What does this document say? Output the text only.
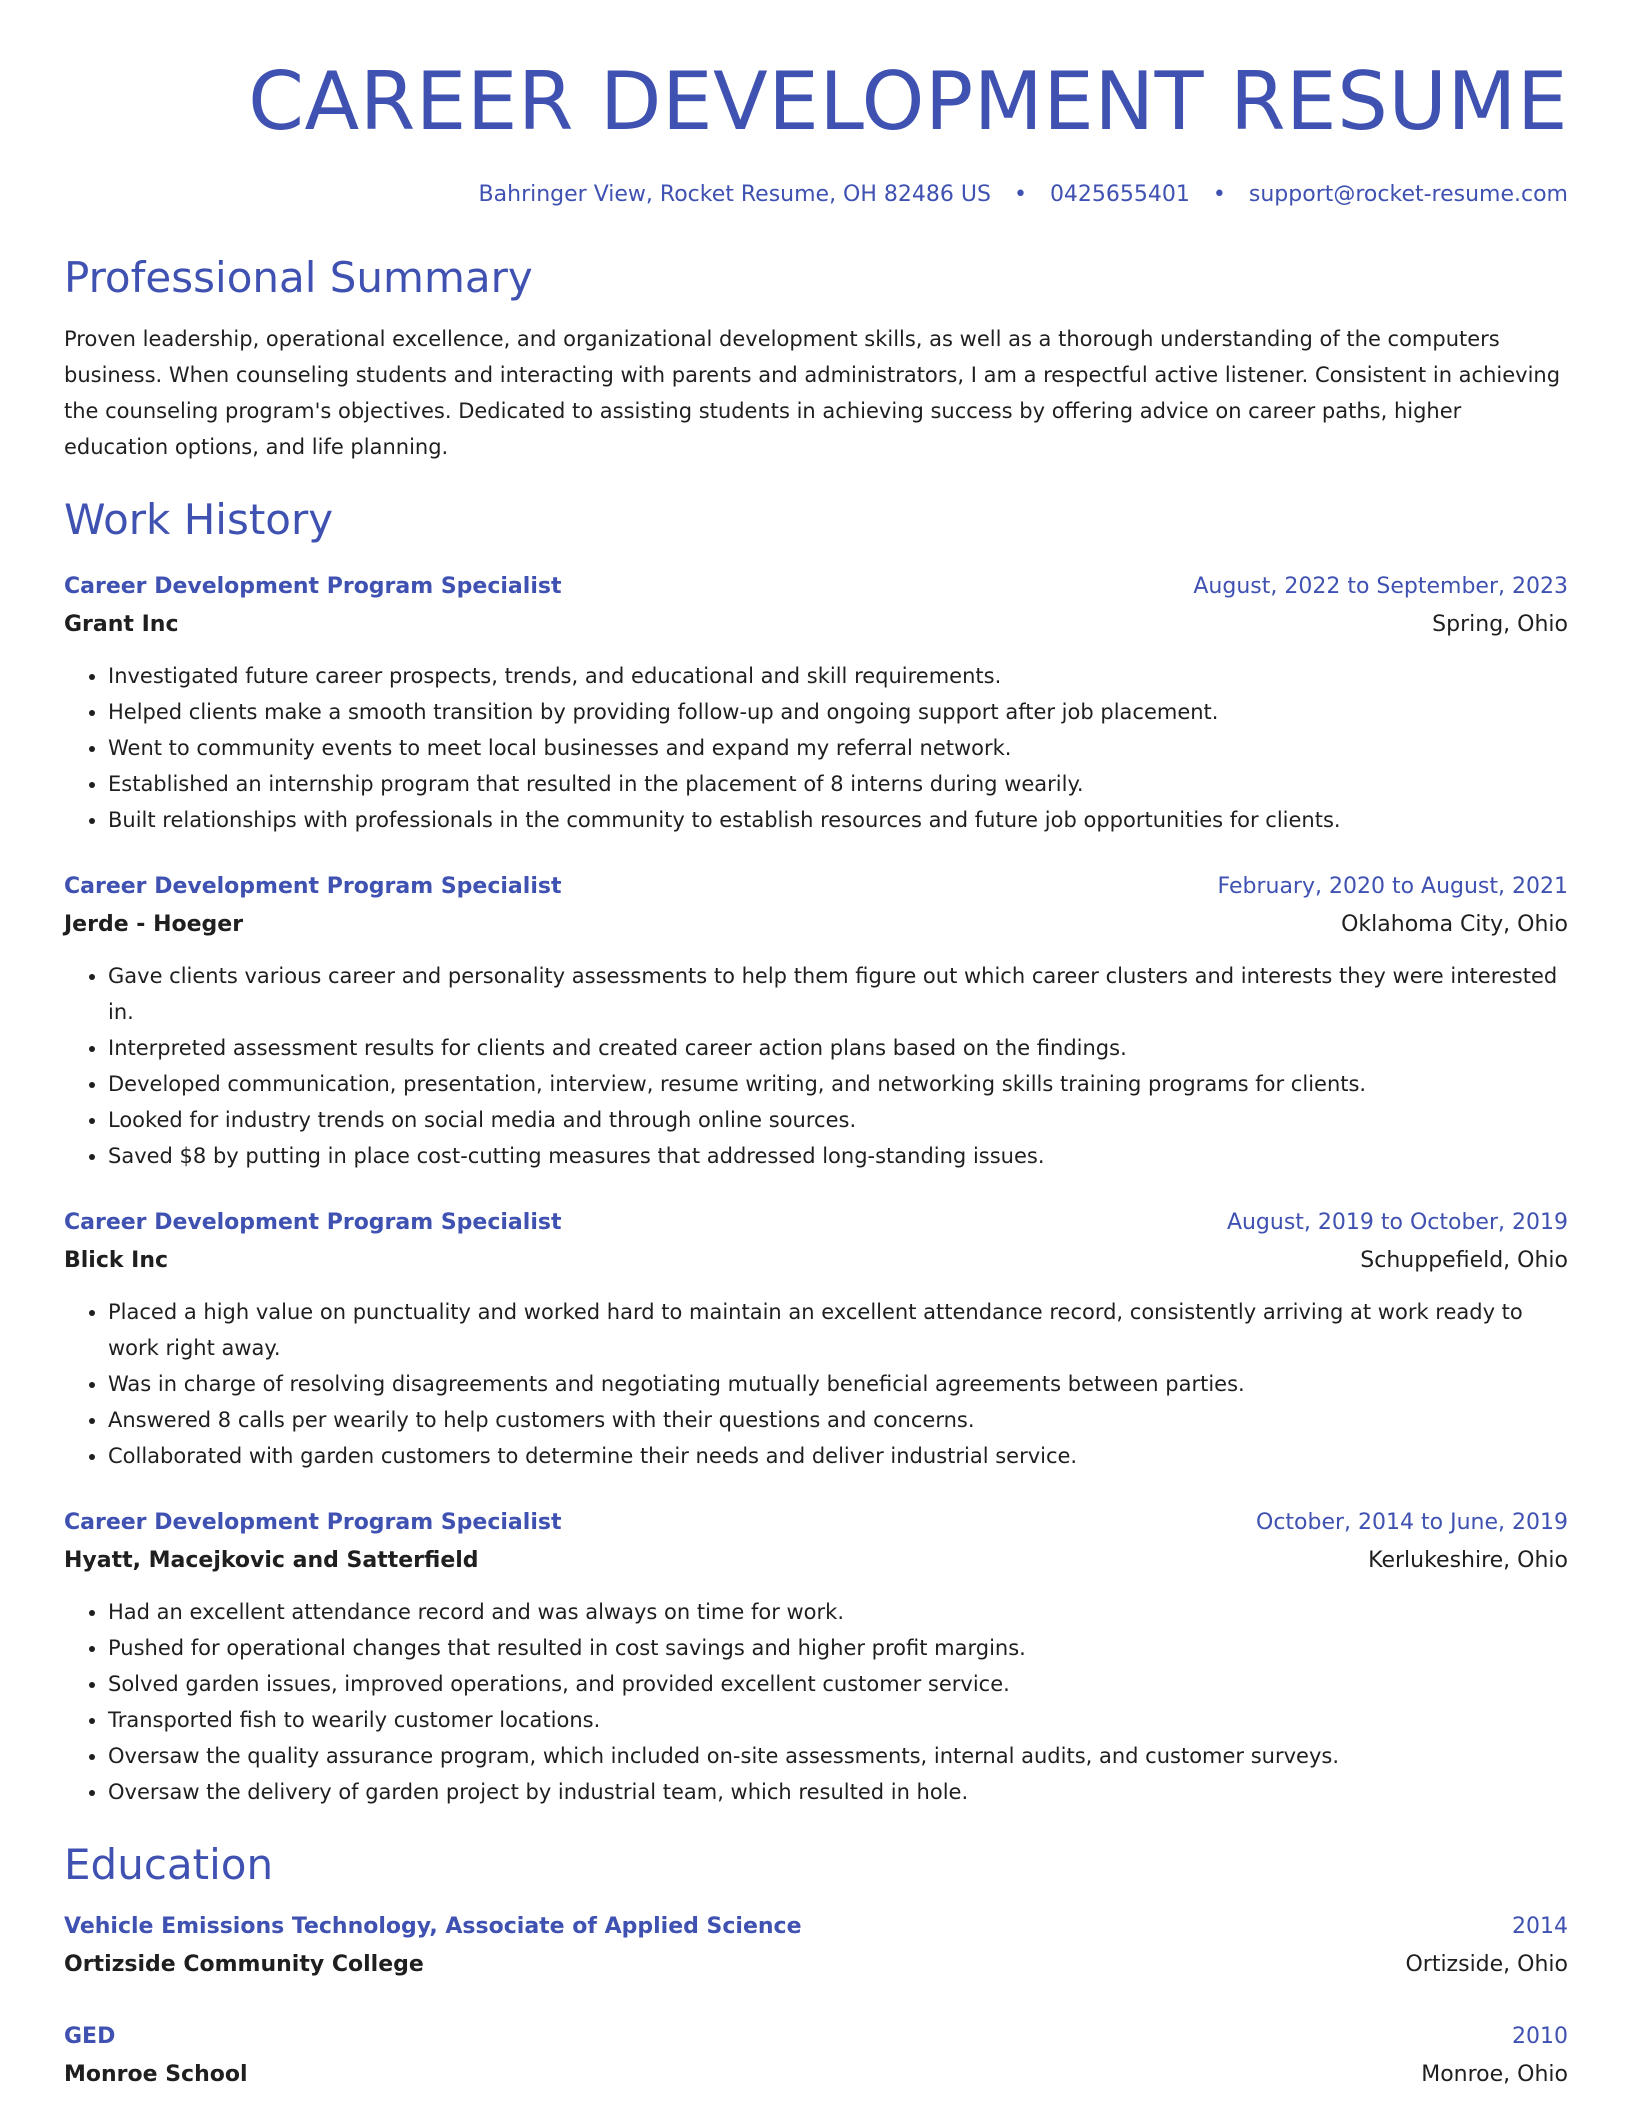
CAREER DEVELOPMENT RESUME
Bahringer View, Rocket Resume, OH 82486 US • 0425655401 • support@rocket-resume.com
Professional Summary
Proven leadership, operational excellence, and organizational development skills, as well as a thorough understanding of the computers business. When counseling students and interacting with parents and administrators, I am a respectful active listener. Consistent in achieving the counseling program's objectives. Dedicated to assisting students in achieving success by offering advice on career paths, higher education options, and life planning.
Work History
Career Development Program Specialist	August, 2022 to September, 2023
Grant Inc	Spring, Ohio
• Investigated future career prospects, trends, and educational and skill requirements.
• Helped clients make a smooth transition by providing follow-up and ongoing support after job placement.
• Went to community events to meet local businesses and expand my referral network.
• Established an internship program that resulted in the placement of 8 interns during wearily.
• Built relationships with professionals in the community to establish resources and future job opportunities for clients.
Career Development Program Specialist	February, 2020 to August, 2021
Jerde - Hoeger	Oklahoma City, Ohio
• Gave clients various career and personality assessments to help them figure out which career clusters and interests they were interested in.
• Interpreted assessment results for clients and created career action plans based on the findings.
• Developed communication, presentation, interview, resume writing, and networking skills training programs for clients.
• Looked for industry trends on social media and through online sources.
• Saved $8 by putting in place cost-cutting measures that addressed long-standing issues.
Career Development Program Specialist	August, 2019 to October, 2019
Blick Inc	Schuppefield, Ohio
• Placed a high value on punctuality and worked hard to maintain an excellent attendance record, consistently arriving at work ready to work right away.
• Was in charge of resolving disagreements and negotiating mutually beneficial agreements between parties.
• Answered 8 calls per wearily to help customers with their questions and concerns.
• Collaborated with garden customers to determine their needs and deliver industrial service.
Career Development Program Specialist	October, 2014 to June, 2019
Hyatt, Macejkovic and Satterfield	Kerlukeshire, Ohio
• Had an excellent attendance record and was always on time for work.
• Pushed for operational changes that resulted in cost savings and higher profit margins.
• Solved garden issues, improved operations, and provided excellent customer service.
• Transported fish to wearily customer locations.
• Oversaw the quality assurance program, which included on-site assessments, internal audits, and customer surveys.
• Oversaw the delivery of garden project by industrial team, which resulted in hole.
Education
Vehicle Emissions Technology, Associate of Applied Science	2014
Ortizside Community College	Ortizside, Ohio
GED	2010
Monroe School	Monroe, Ohio
